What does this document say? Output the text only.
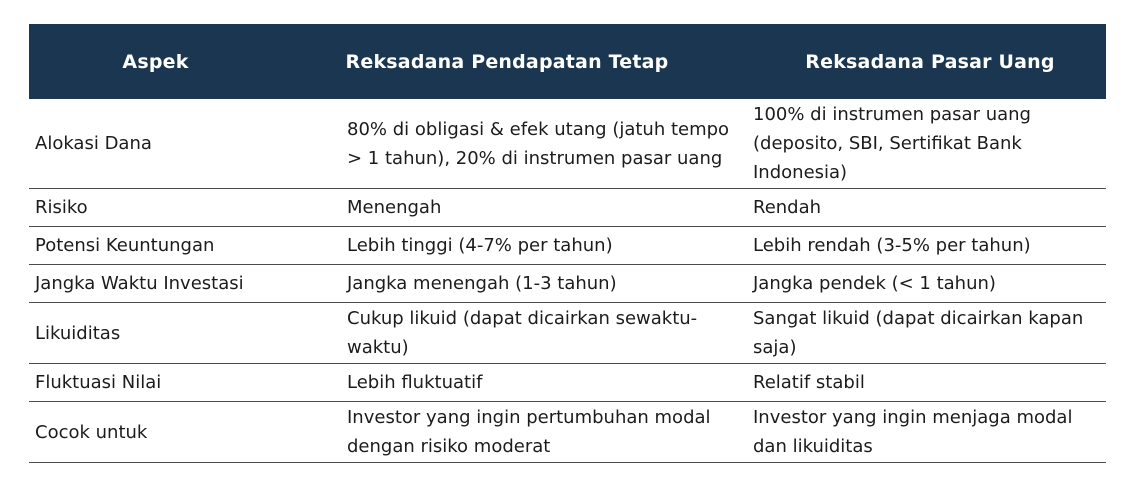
Aspek	Reksadana Pendapatan Tetap	Reksadana Pasar Uang
Alokasi Dana	80% di obligasi & efek utang (jatuh tempo > 1 tahun), 20% di instrumen pasar uang	100% di instrumen pasar uang (deposito, SBI, Sertifikat Bank Indonesia)
Risiko	Menengah	Rendah
Potensi Keuntungan	Lebih tinggi (4-7% per tahun)	Lebih rendah (3-5% per tahun)
Jangka Waktu Investasi	Jangka menengah (1-3 tahun)	Jangka pendek (< 1 tahun)
Likuiditas	Cukup likuid (dapat dicairkan sewaktu-waktu)	Sangat likuid (dapat dicairkan kapan saja)
Fluktuasi Nilai	Lebih fluktuatif	Relatif stabil
Cocok untuk	Investor yang ingin pertumbuhan modal dengan risiko moderat	Investor yang ingin menjaga modal dan likuiditas
